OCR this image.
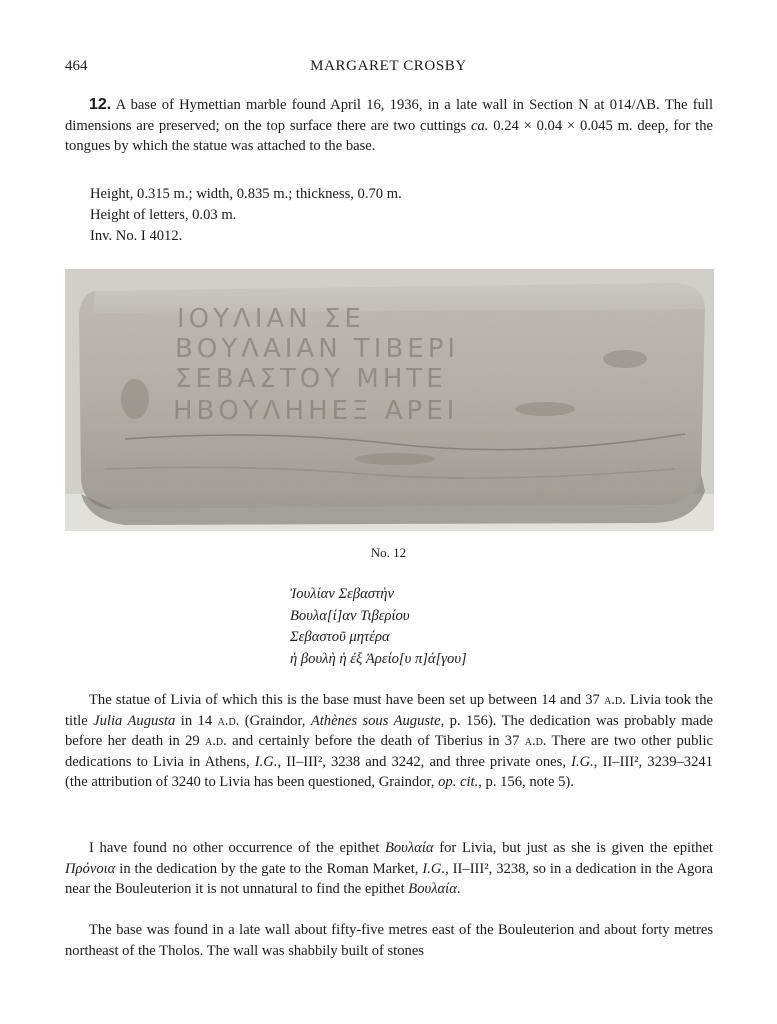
464	MARGARET CROSBY

12. A base of Hymettian marble found April 16, 1936, in a late wall in Section N at 014/ΛΒ. The full dimensions are preserved; on the top surface there are two cuttings ca. 0.24 × 0.04 × 0.045 m. deep, for the tongues by which the statue was attached to the base.

Height, 0.315 m.; width, 0.835 m.; thickness, 0.70 m.
Height of letters, 0.03 m.
Inv. No. I 4012.
ΙΟΥΛΙΑΝ ΣΕ
ΒΟΥΛΑΙΑΝ ΤΙΒΕΡΙ
ΣΕΒΑΣΤΟΥ ΜΗΤΕ
ΗΒΟΥΛΗΗΕΞ ΑΡΕΙ
No. 12
Ἰουλίαν Σεβαστὴν
Βουλα[ί]αν Τιβερίου
Σεβαστοῦ μητέρα
ἡ βουλὴ ἡ ἐξ Ἀρείο[υ π]ά[γου]

The statue of Livia of which this is the base must have been set up between 14 and 37 a.d. Livia took the title Julia Augusta in 14 a.d. (Graindor, Athènes sous Auguste, p. 156). The dedication was probably made before her death in 29 a.d. and certainly before the death of Tiberius in 37 a.d. There are two other public dedications to Livia in Athens, I.G., II–III², 3238 and 3242, and three private ones, I.G., II–III², 3239–3241 (the attribution of 3240 to Livia has been questioned, Graindor, op. cit., p. 156, note 5).

I have found no other occurrence of the epithet Βουλαία for Livia, but just as she is given the epithet Πρόνοια in the dedication by the gate to the Roman Market, I.G., II–III², 3238, so in a dedication in the Agora near the Bouleuterion it is not unnatural to find the epithet Βουλαία.

The base was found in a late wall about fifty-five metres east of the Bouleuterion and about forty metres northeast of the Tholos. The wall was shabbily built of stones
